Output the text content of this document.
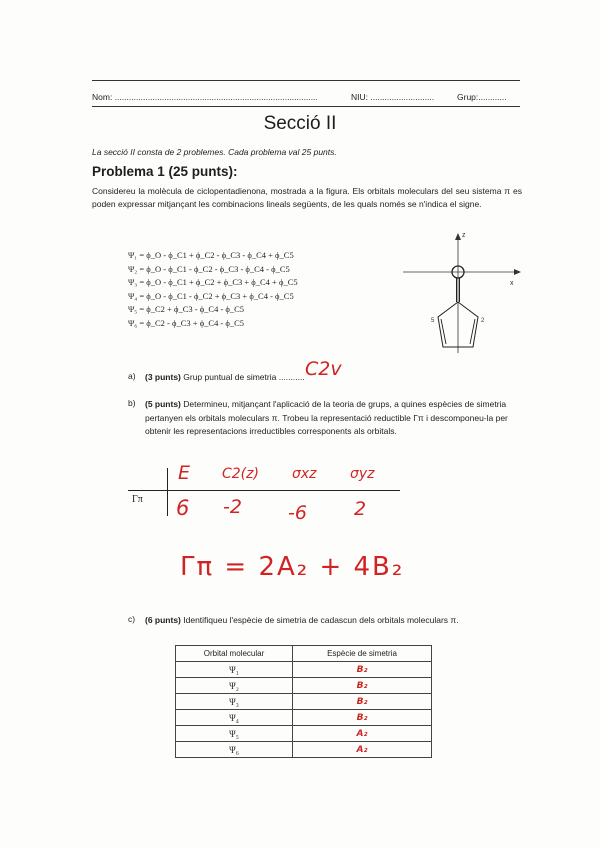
Nom: ......................................................................................	NIU: ...........................	Grup:............
Secció II
La secció II consta de 2 problemes. Cada problema val 25 punts.
Problema 1 (25 punts):
Considereu la molècula de ciclopentadienona, mostrada a la figura. Els orbitals moleculars del seu sistema π es poden expressar mitjançant les combinacions lineals següents, de les quals només se n'indica el signe.
Ψ₁ = ϕ_O - ϕ_C1 + ϕ_C2 - ϕ_C3 - ϕ_C4 + ϕ_C5
Ψ₂ = ϕ_O - ϕ_C1 - ϕ_C2 - ϕ_C3 - ϕ_C4 - ϕ_C5
Ψ₃ = ϕ_O - ϕ_C1 + ϕ_C2 + ϕ_C3 + ϕ_C4 + ϕ_C5
Ψ₄ = ϕ_O - ϕ_C1 - ϕ_C2 + ϕ_C3 + ϕ_C4 - ϕ_C5
Ψ₅ = ϕ_C2 + ϕ_C3 - ϕ_C4 - ϕ_C5
Ψ₆ = ϕ_C2 - ϕ_C3 + ϕ_C4 - ϕ_C5
z
x
5	2
a) (3 punts) Grup puntual de simetria ........... C2v
b) (5 punts) Determineu, mitjançant l'aplicació de la teoria de grups, a quines espècies de simetria pertanyen els orbitals moleculars π. Trobeu la representació reductible Γπ i descomponeu-la per obtenir les representacions irreductibles corresponents als orbitals.
Γπ
E C2(z) σxz σyz
6 -2 -6 2
Γπ = 2A₂ + 4B₂
c) (6 punts) Identifiqueu l'espècie de simetria de cadascun dels orbitals moleculars π.
Orbital molecular	Espècie de simetria
Ψ₁	B₂
Ψ₂	B₂
Ψ₃	B₂
Ψ₄	B₂
Ψ₅	A₂
Ψ₆	A₂
